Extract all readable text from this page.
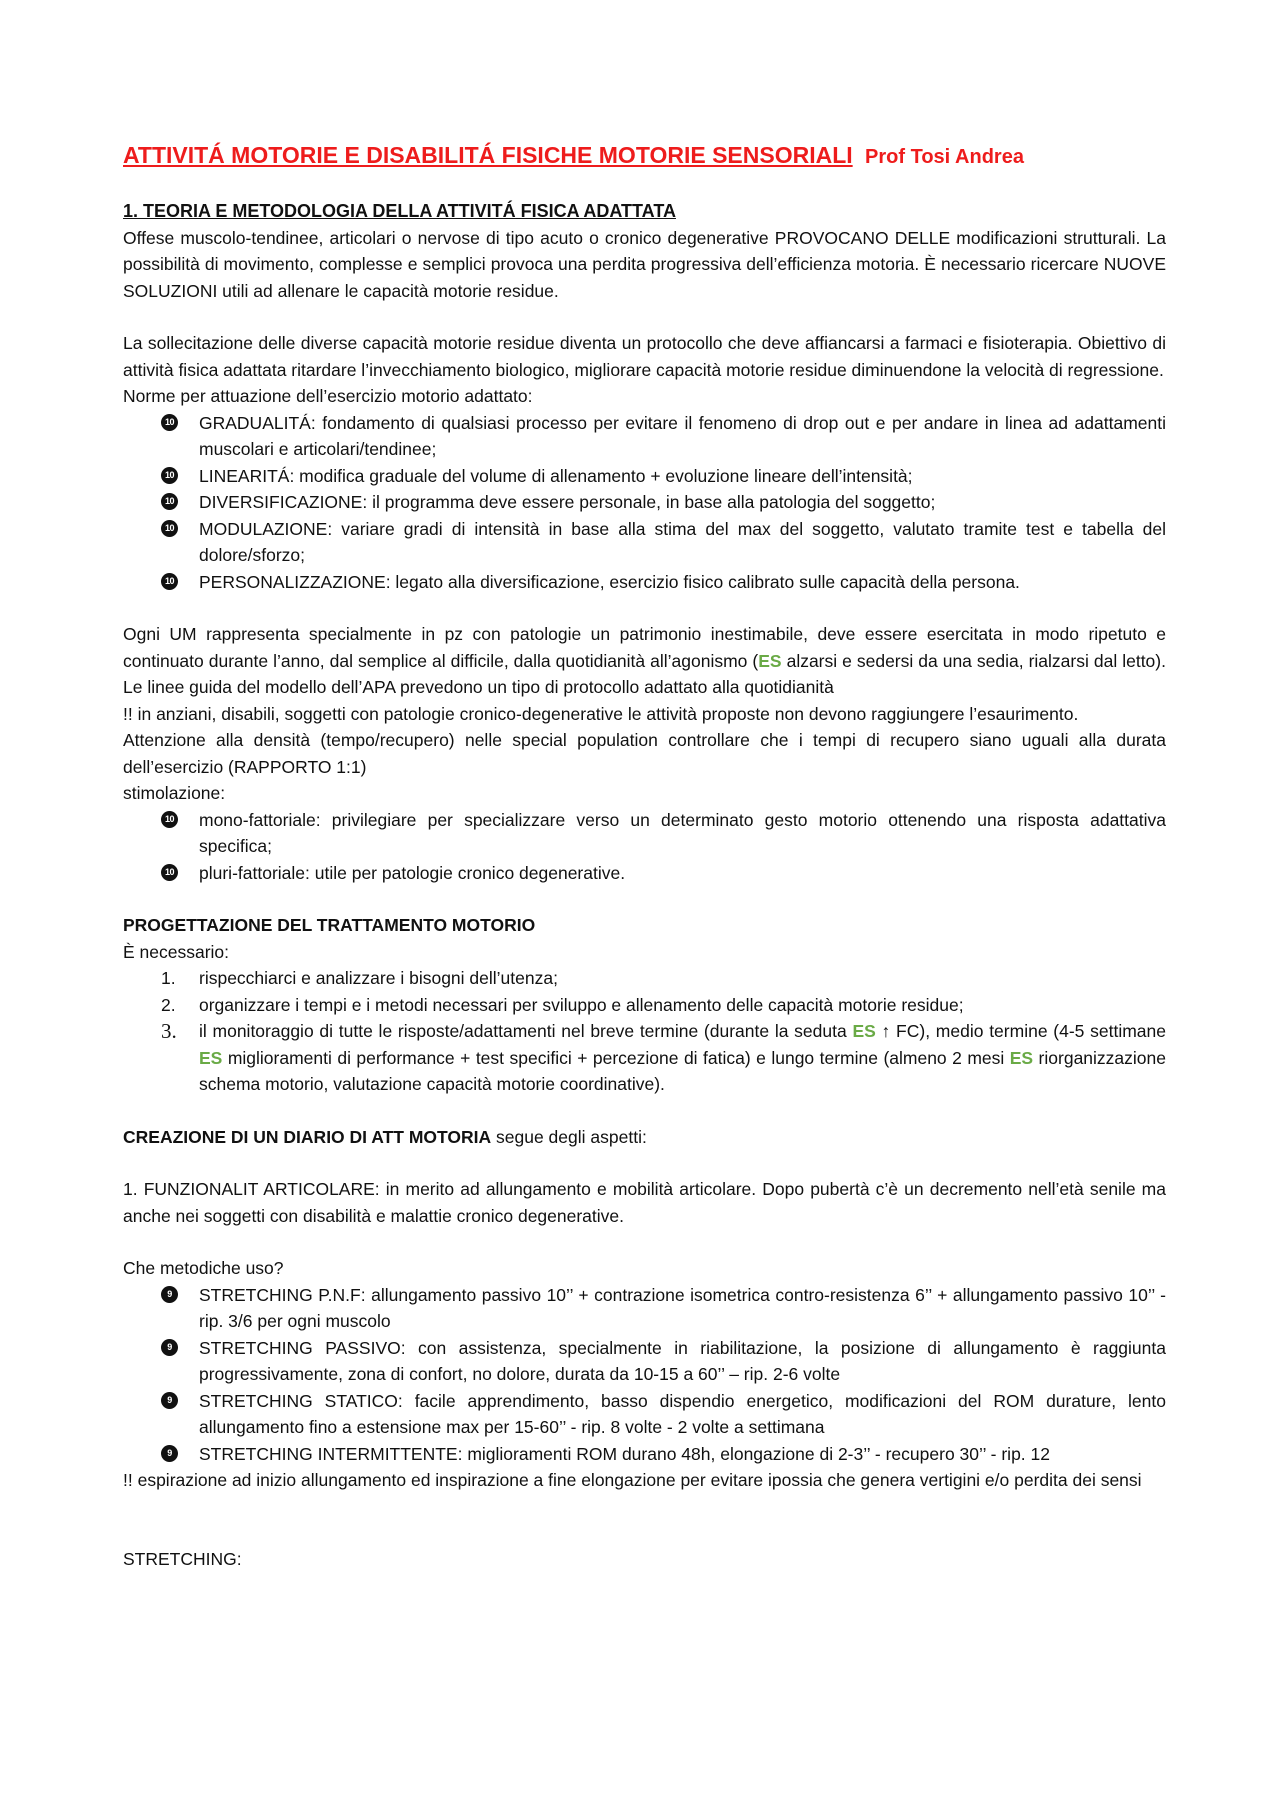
ATTIVITÁ MOTORIE E DISABILITÁ FISICHE MOTORIE SENSORIALI Prof Tosi Andrea
1. TEORIA E METODOLOGIA DELLA ATTIVITÁ FISICA ADATTATA

Offese muscolo-tendinee, articolari o nervose di tipo acuto o cronico degenerative PROVOCANO DELLE modificazioni strutturali. La possibilità di movimento, complesse e semplici provoca una perdita progressiva dell’efficienza motoria. È necessario ricercare NUOVE SOLUZIONI utili ad allenare le capacità motorie residue.

La sollecitazione delle diverse capacità motorie residue diventa un protocollo che deve affiancarsi a farmaci e fisioterapia. Obiettivo di attività fisica adattata ritardare l’invecchiamento biologico, migliorare capacità motorie residue diminuendone la velocità di regressione.

Norme per attuazione dell’esercizio motorio adattato:

10 GRADUALITÁ: fondamento di qualsiasi processo per evitare il fenomeno di drop out e per andare in linea ad adattamenti muscolari e articolari/tendinee;
10 LINEARITÁ: modifica graduale del volume di allenamento + evoluzione lineare dell’intensità;
10 DIVERSIFICAZIONE: il programma deve essere personale, in base alla patologia del soggetto;
10 MODULAZIONE: variare gradi di intensità in base alla stima del max del soggetto, valutato tramite test e tabella del dolore/sforzo;
10 PERSONALIZZAZIONE: legato alla diversificazione, esercizio fisico calibrato sulle capacità della persona.

Ogni UM rappresenta specialmente in pz con patologie un patrimonio inestimabile, deve essere esercitata in modo ripetuto e continuato durante l’anno, dal semplice al difficile, dalla quotidianità all’agonismo (ES alzarsi e sedersi da una sedia, rialzarsi dal letto). Le linee guida del modello dell’APA prevedono un tipo di protocollo adattato alla quotidianità

!! in anziani, disabili, soggetti con patologie cronico-degenerative le attività proposte non devono raggiungere l’esaurimento.

Attenzione alla densità (tempo/recupero) nelle special population controllare che i tempi di recupero siano uguali alla durata dell’esercizio (RAPPORTO 1:1)

stimolazione:

10 mono-fattoriale: privilegiare per specializzare verso un determinato gesto motorio ottenendo una risposta adattativa specifica;
10 pluri-fattoriale: utile per patologie cronico degenerative.
PROGETTAZIONE DEL TRATTAMENTO MOTORIO

È necessario:

1. rispecchiarci e analizzare i bisogni dell’utenza;
2. organizzare i tempi e i metodi necessari per sviluppo e allenamento delle capacità motorie residue;
3. il monitoraggio di tutte le risposte/adattamenti nel breve termine (durante la seduta ES ↑ FC), medio termine (4-5 settimane ES miglioramenti di performance + test specifici + percezione di fatica) e lungo termine (almeno 2 mesi ES riorganizzazione schema motorio, valutazione capacità motorie coordinative).

CREAZIONE DI UN DIARIO DI ATT MOTORIA segue degli aspetti:

1. FUNZIONALIT ARTICOLARE: in merito ad allungamento e mobilità articolare. Dopo pubertà c’è un decremento nell’età senile ma anche nei soggetti con disabilità e malattie cronico degenerative.

Che metodiche uso?

9	STRETCHING P.N.F: allungamento passivo 10’’ + contrazione isometrica contro-resistenza 6’’ + allungamento passivo 10’’ - rip. 3/6 per ogni muscolo
9	STRETCHING PASSIVO: con assistenza, specialmente in riabilitazione, la posizione di allungamento è raggiunta progressivamente, zona di confort, no dolore, durata da 10-15 a 60’’ – rip. 2-6 volte
9	STRETCHING STATICO: facile apprendimento, basso dispendio energetico, modificazioni del ROM durature, lento allungamento fino a estensione max per 15-60’’ - rip. 8 volte - 2 volte a settimana
9	STRETCHING INTERMITTENTE: miglioramenti ROM durano 48h, elongazione di 2-3’’ - recupero 30’’ - rip. 12

!! espirazione ad inizio allungamento ed inspirazione a fine elongazione per evitare ipossia che genera vertigini e/o perdita dei sensi

STRETCHING:
